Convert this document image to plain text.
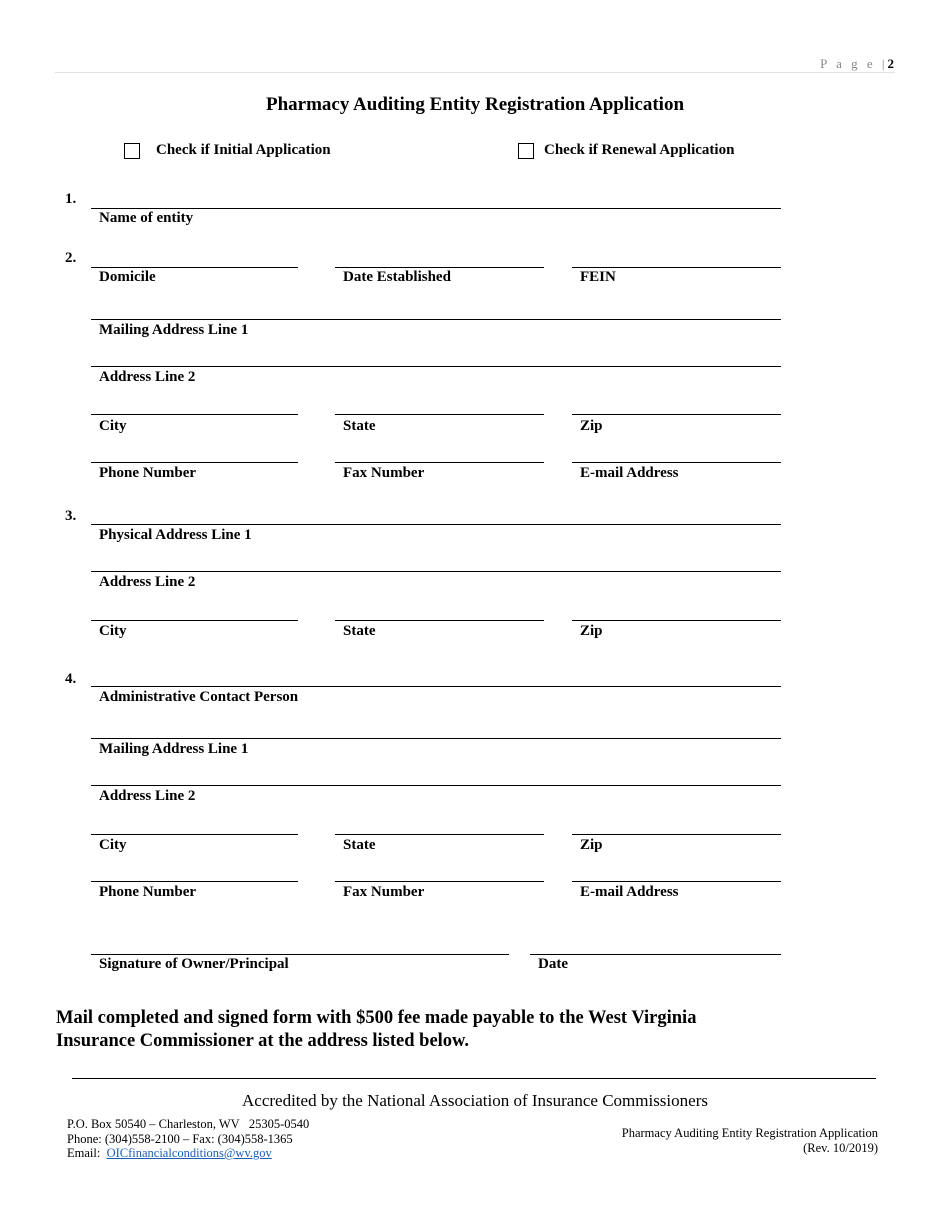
P a g e |2
Pharmacy Auditing Entity Registration Application
Check if Initial Application	Check if Renewal Application
1.
Name of entity
2.
Domicile	Date Established	FEIN
Mailing Address Line 1
Address Line 2
City	State	Zip
Phone Number	Fax Number	E-mail Address
3.
Physical Address Line 1
Address Line 2
City	State	Zip
4.
Administrative Contact Person
Mailing Address Line 1
Address Line 2
City	State	Zip
Phone Number	Fax Number	E-mail Address
Signature of Owner/Principal	Date
Mail completed and signed form with $500 fee made payable to the West Virginia
Insurance Commissioner at the address listed below.
Accredited by the National Association of Insurance Commissioners
P.O. Box 50540 – Charleston, WV   25305-0540
Phone: (304)558-2100 – Fax: (304)558-1365
Email: OICfinancialconditions@wv.gov
Pharmacy Auditing Entity Registration Application
(Rev. 10/2019)
